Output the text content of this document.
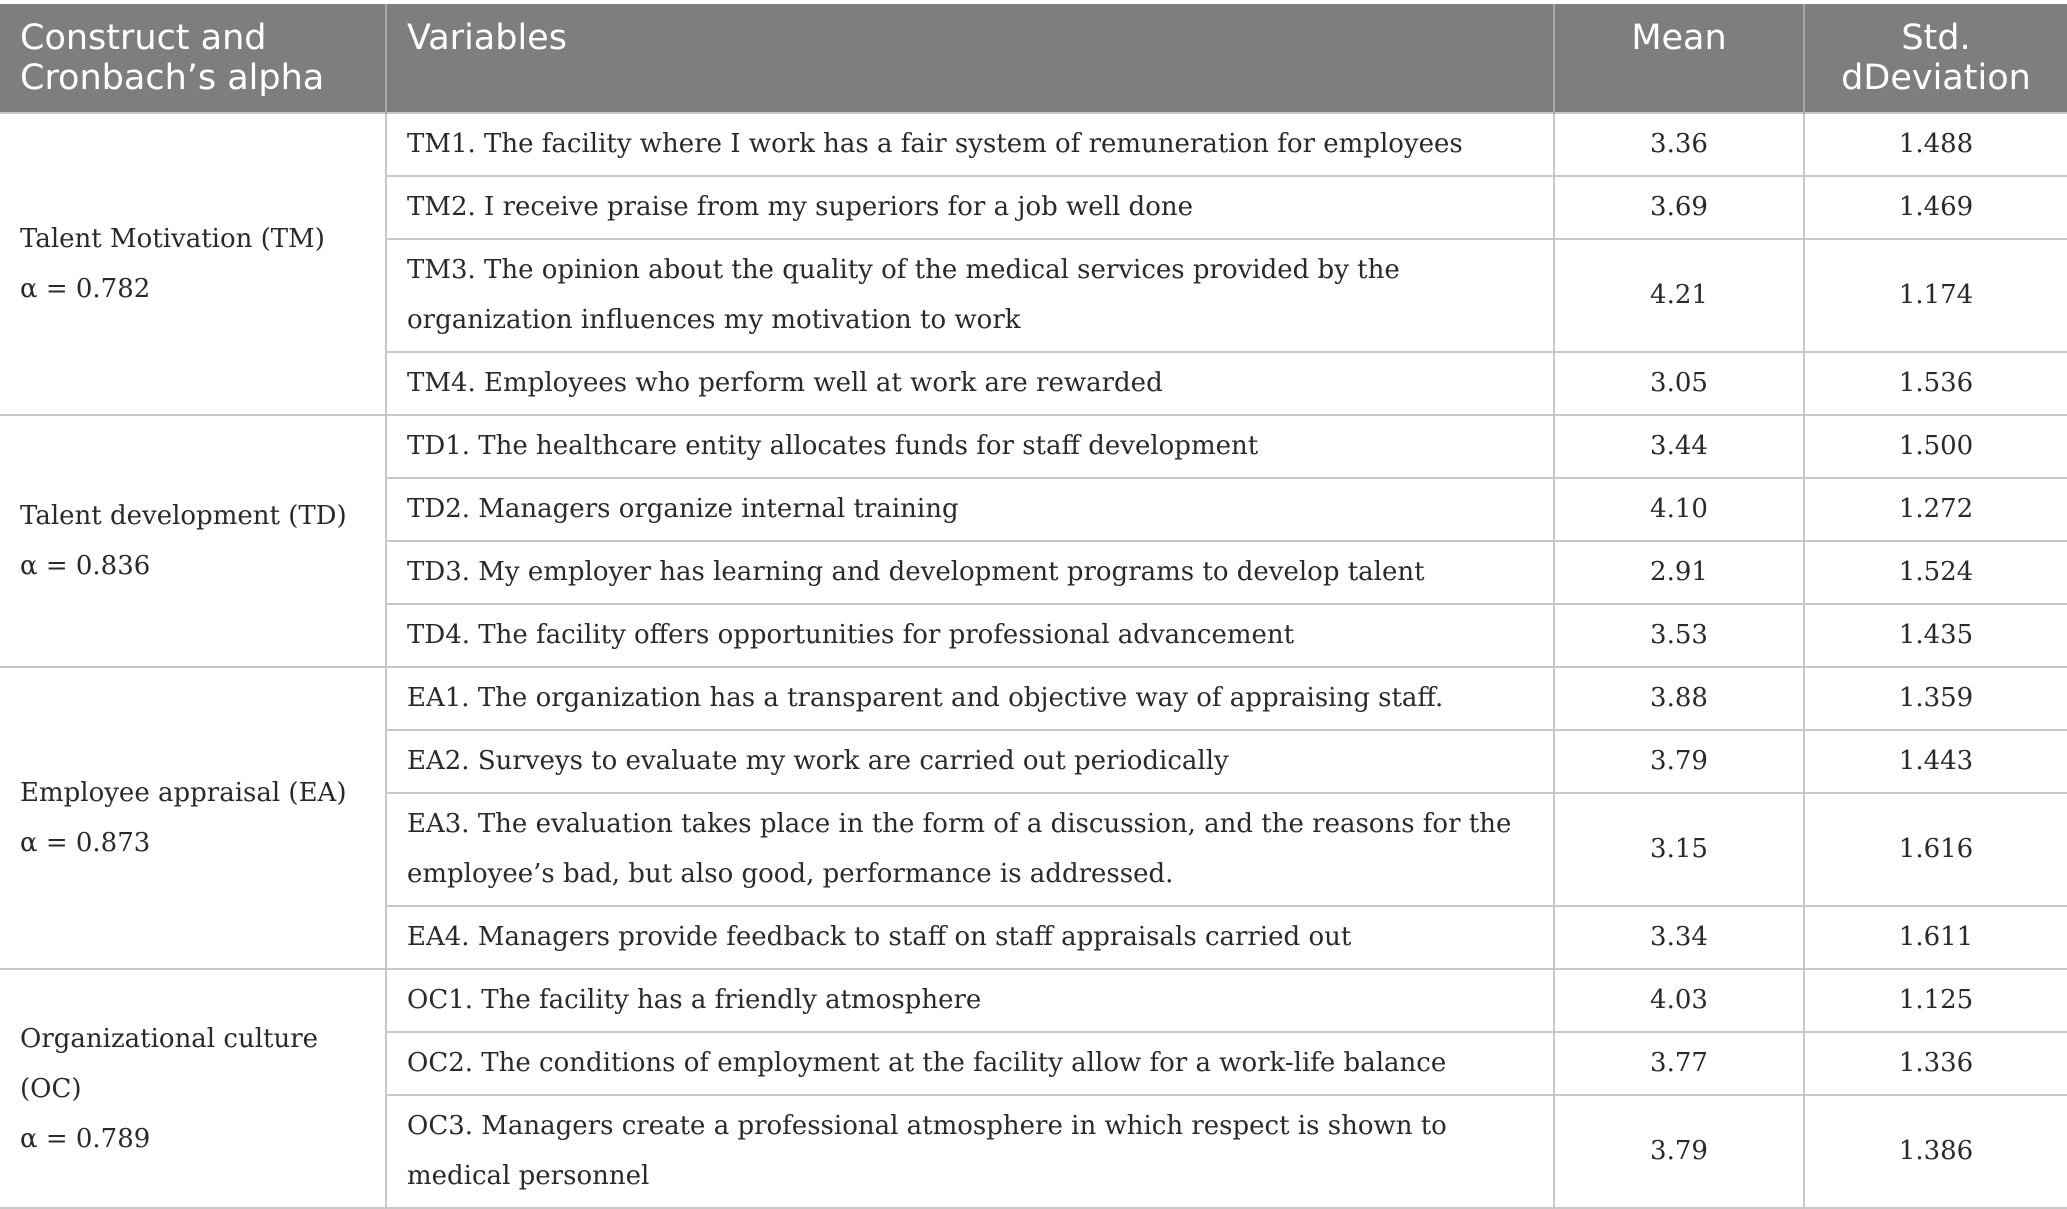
Construct and Cronbach’s alpha	Variables	Mean	Std. dDeviation

Talent Motivation (TM)
α = 0.782	TM1. The facility where I work has a fair system of remuneration for employees	3.36	1.488
	TM2. I receive praise from my superiors for a job well done	3.69	1.469
	TM3. The opinion about the quality of the medical services provided by the organization influences my motivation to work	4.21	1.174
	TM4. Employees who perform well at work are rewarded	3.05	1.536

Talent development (TD)
α = 0.836	TD1. The healthcare entity allocates funds for staff development	3.44	1.500
	TD2. Managers organize internal training	4.10	1.272
	TD3. My employer has learning and development programs to develop talent	2.91	1.524
	TD4. The facility offers opportunities for professional advancement	3.53	1.435

Employee appraisal (EA)
α = 0.873	EA1. The organization has a transparent and objective way of appraising staff.	3.88	1.359
	EA2. Surveys to evaluate my work are carried out periodically	3.79	1.443
	EA3. The evaluation takes place in the form of a discussion, and the reasons for the employee’s bad, but also good, performance is addressed.	3.15	1.616
	EA4. Managers provide feedback to staff on staff appraisals carried out	3.34	1.611

Organizational culture (OC)
α = 0.789	OC1. The facility has a friendly atmosphere	4.03	1.125
	OC2. The conditions of employment at the facility allow for a work-life balance	3.77	1.336
	OC3. Managers create a professional atmosphere in which respect is shown to medical personnel	3.79	1.386
